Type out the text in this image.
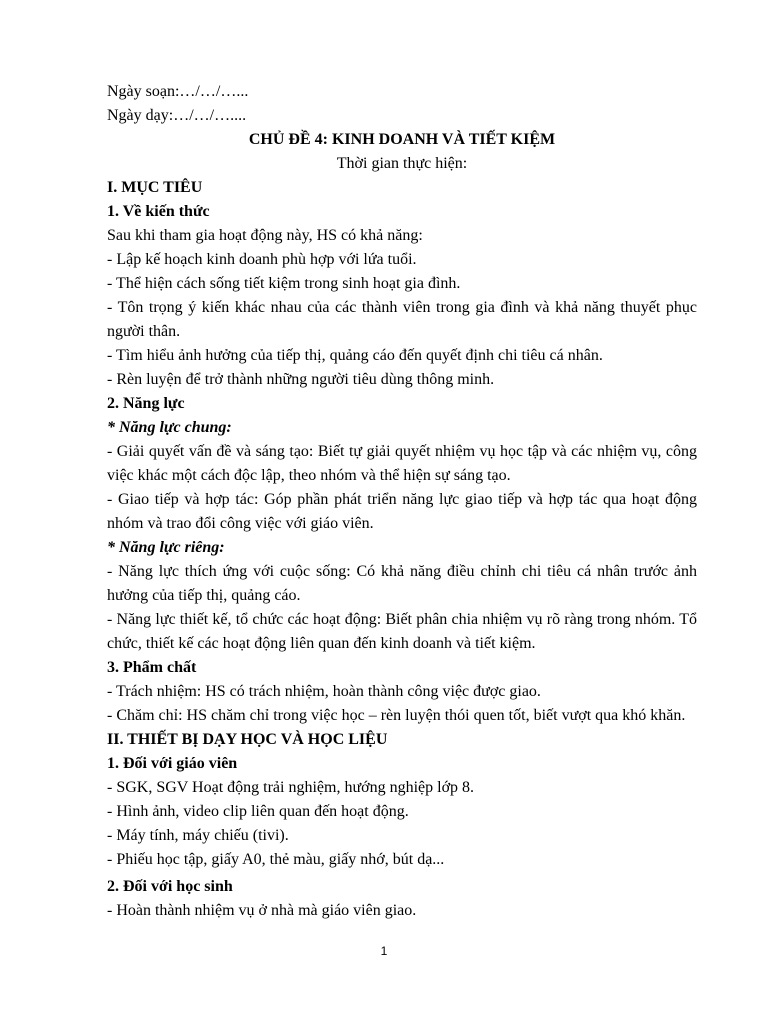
Ngày soạn:…/…/…...

Ngày dạy:…/…/…....

CHỦ ĐỀ 4: KINH DOANH VÀ TIẾT KIỆM

Thời gian thực hiện:

I. MỤC TIÊU

1. Về kiến thức

Sau khi tham gia hoạt động này, HS có khả năng:

- Lập kế hoạch kinh doanh phù hợp với lứa tuổi.

- Thể hiện cách sống tiết kiệm trong sinh hoạt gia đình.

- Tôn trọng ý kiến khác nhau của các thành viên trong gia đình và khả năng thuyết phục người thân.

- Tìm hiểu ảnh hưởng của tiếp thị, quảng cáo đến quyết định chi tiêu cá nhân.

- Rèn luyện để trở thành những người tiêu dùng thông minh.

2. Năng lực

* Năng lực chung:

- Giải quyết vấn đề và sáng tạo: Biết tự giải quyết nhiệm vụ học tập và các nhiệm vụ, công việc khác một cách độc lập, theo nhóm và thể hiện sự sáng tạo.

- Giao tiếp và hợp tác: Góp phần phát triển năng lực giao tiếp và hợp tác qua hoạt động nhóm và trao đổi công việc với giáo viên.

* Năng lực riêng:

- Năng lực thích ứng với cuộc sống: Có khả năng điều chỉnh chi tiêu cá nhân trước ảnh hưởng của tiếp thị, quảng cáo.

- Năng lực thiết kế, tổ chức các hoạt động: Biết phân chia nhiệm vụ rõ ràng trong nhóm. Tổ chức, thiết kế các hoạt động liên quan đến kinh doanh và tiết kiệm.

3. Phẩm chất

- Trách nhiệm: HS có trách nhiệm, hoàn thành công việc được giao.

- Chăm chỉ: HS chăm chỉ trong việc học – rèn luyện thói quen tốt, biết vượt qua khó khăn.

II. THIẾT BỊ DẠY HỌC VÀ HỌC LIỆU

1. Đối với giáo viên

- SGK, SGV Hoạt động trải nghiệm, hướng nghiệp lớp 8.

- Hình ảnh, video clip liên quan đến hoạt động.

- Máy tính, máy chiếu (tivi).

- Phiếu học tập, giấy A0, thẻ màu, giấy nhớ, bút dạ...

2. Đối với học sinh

- Hoàn thành nhiệm vụ ở nhà mà giáo viên giao.

1
